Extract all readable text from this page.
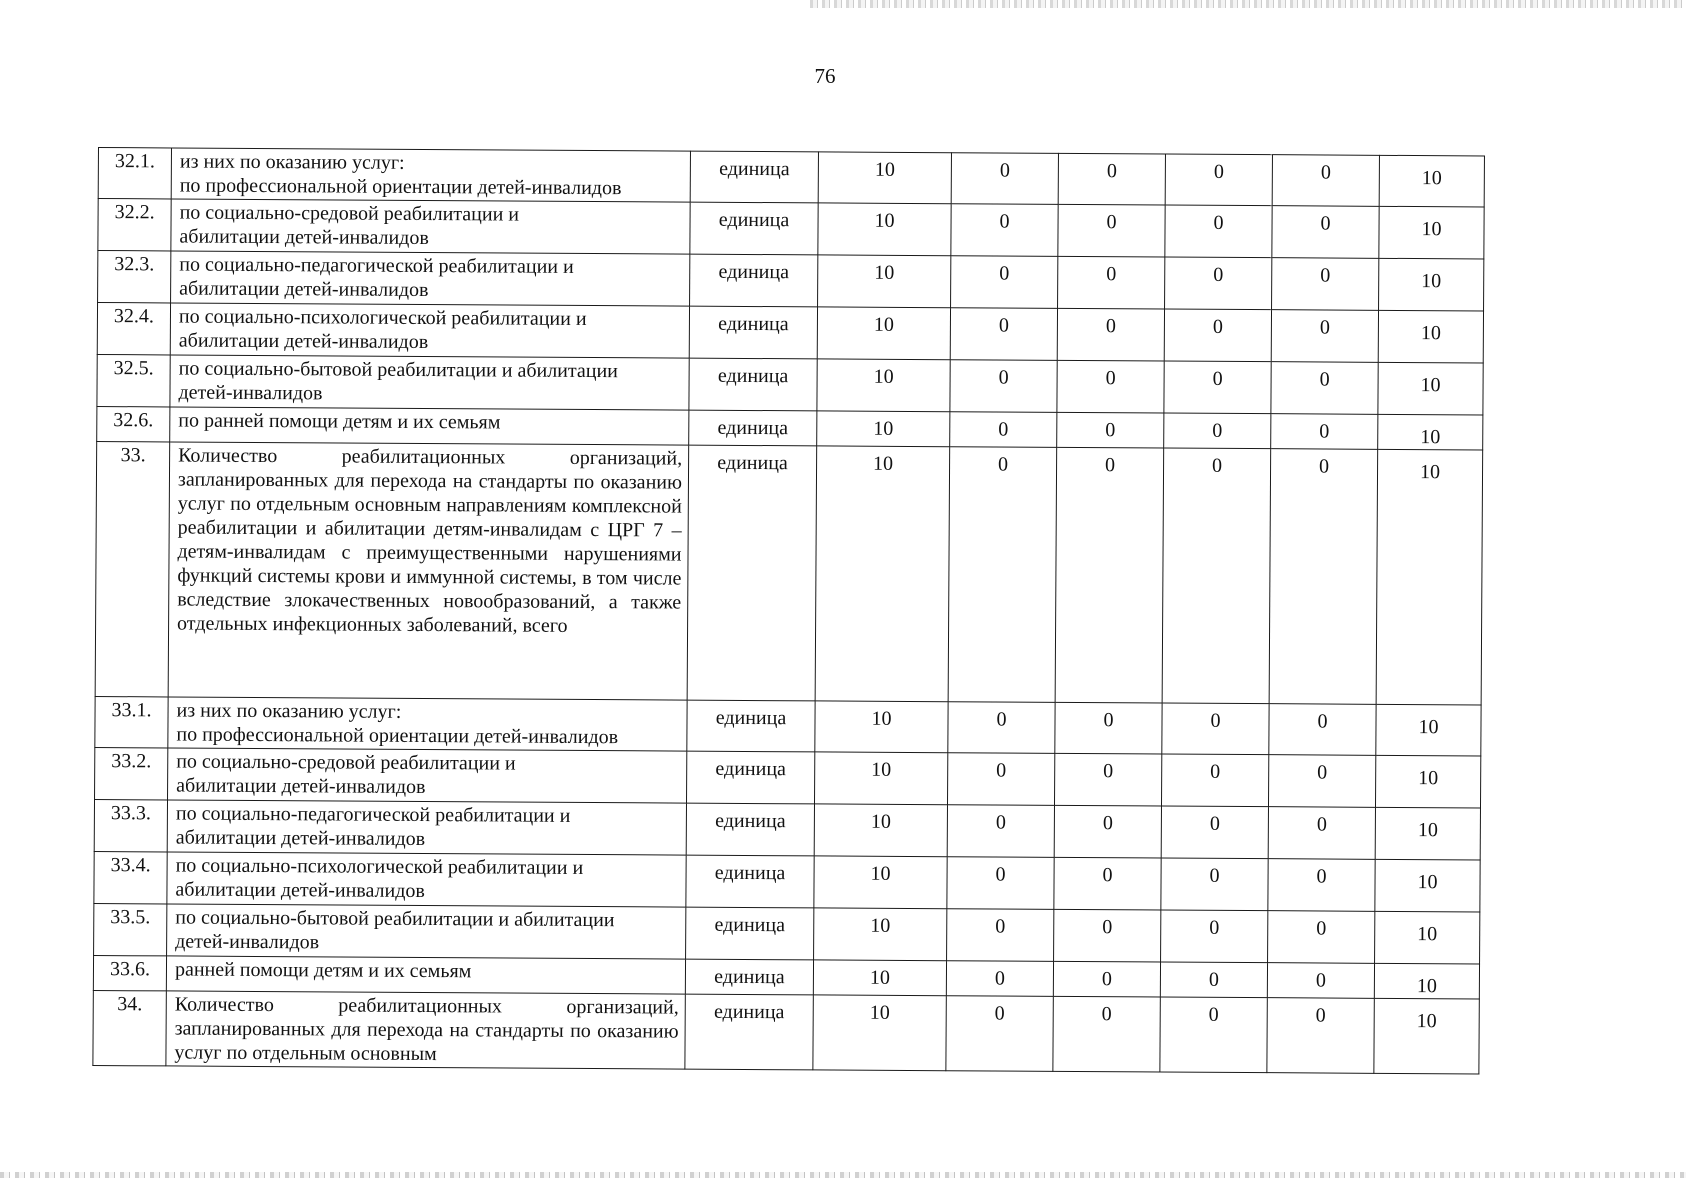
76
32.1.	из них по оказанию услуг:
по профессиональной ориентации детей-инвалидов	единица	10	0	0	0	0	10
32.2.	по социально-средовой реабилитации и
абилитации детей-инвалидов	единица	10	0	0	0	0	10
32.3.	по социально-педагогической реабилитации и
абилитации детей-инвалидов	единица	10	0	0	0	0	10
32.4.	по социально-психологической реабилитации и
абилитации детей-инвалидов	единица	10	0	0	0	0	10
32.5.	по социально-бытовой реабилитации и абилитации
детей-инвалидов	единица	10	0	0	0	0	10
32.6.	по ранней помощи детям и их семьям	единица	10	0	0	0	0	10
33.	Количество реабилитационных организаций, запланированных для перехода на стандарты по оказанию услуг по отдельным основным направлениям комплексной реабилитации и абилитации детям-инвалидам с ЦРГ 7 – детям-инвалидам с преимущественными нарушениями функций системы крови и иммунной системы, в том числе вследствие злокачественных новообразований, а также отдельных инфекционных заболеваний, всего	единица	10	0	0	0	0	10
33.1.	из них по оказанию услуг:
по профессиональной ориентации детей-инвалидов	единица	10	0	0	0	0	10
33.2.	по социально-средовой реабилитации и
абилитации детей-инвалидов	единица	10	0	0	0	0	10
33.3.	по социально-педагогической реабилитации и
абилитации детей-инвалидов	единица	10	0	0	0	0	10
33.4.	по социально-психологической реабилитации и
абилитации детей-инвалидов	единица	10	0	0	0	0	10
33.5.	по социально-бытовой реабилитации и абилитации
детей-инвалидов	единица	10	0	0	0	0	10
33.6.	ранней помощи детям и их семьям	единица	10	0	0	0	0	10
34.	Количество реабилитационных организаций, запланированных для перехода на стандарты по оказанию услуг по отдельным основным	единица	10	0	0	0	0	10
